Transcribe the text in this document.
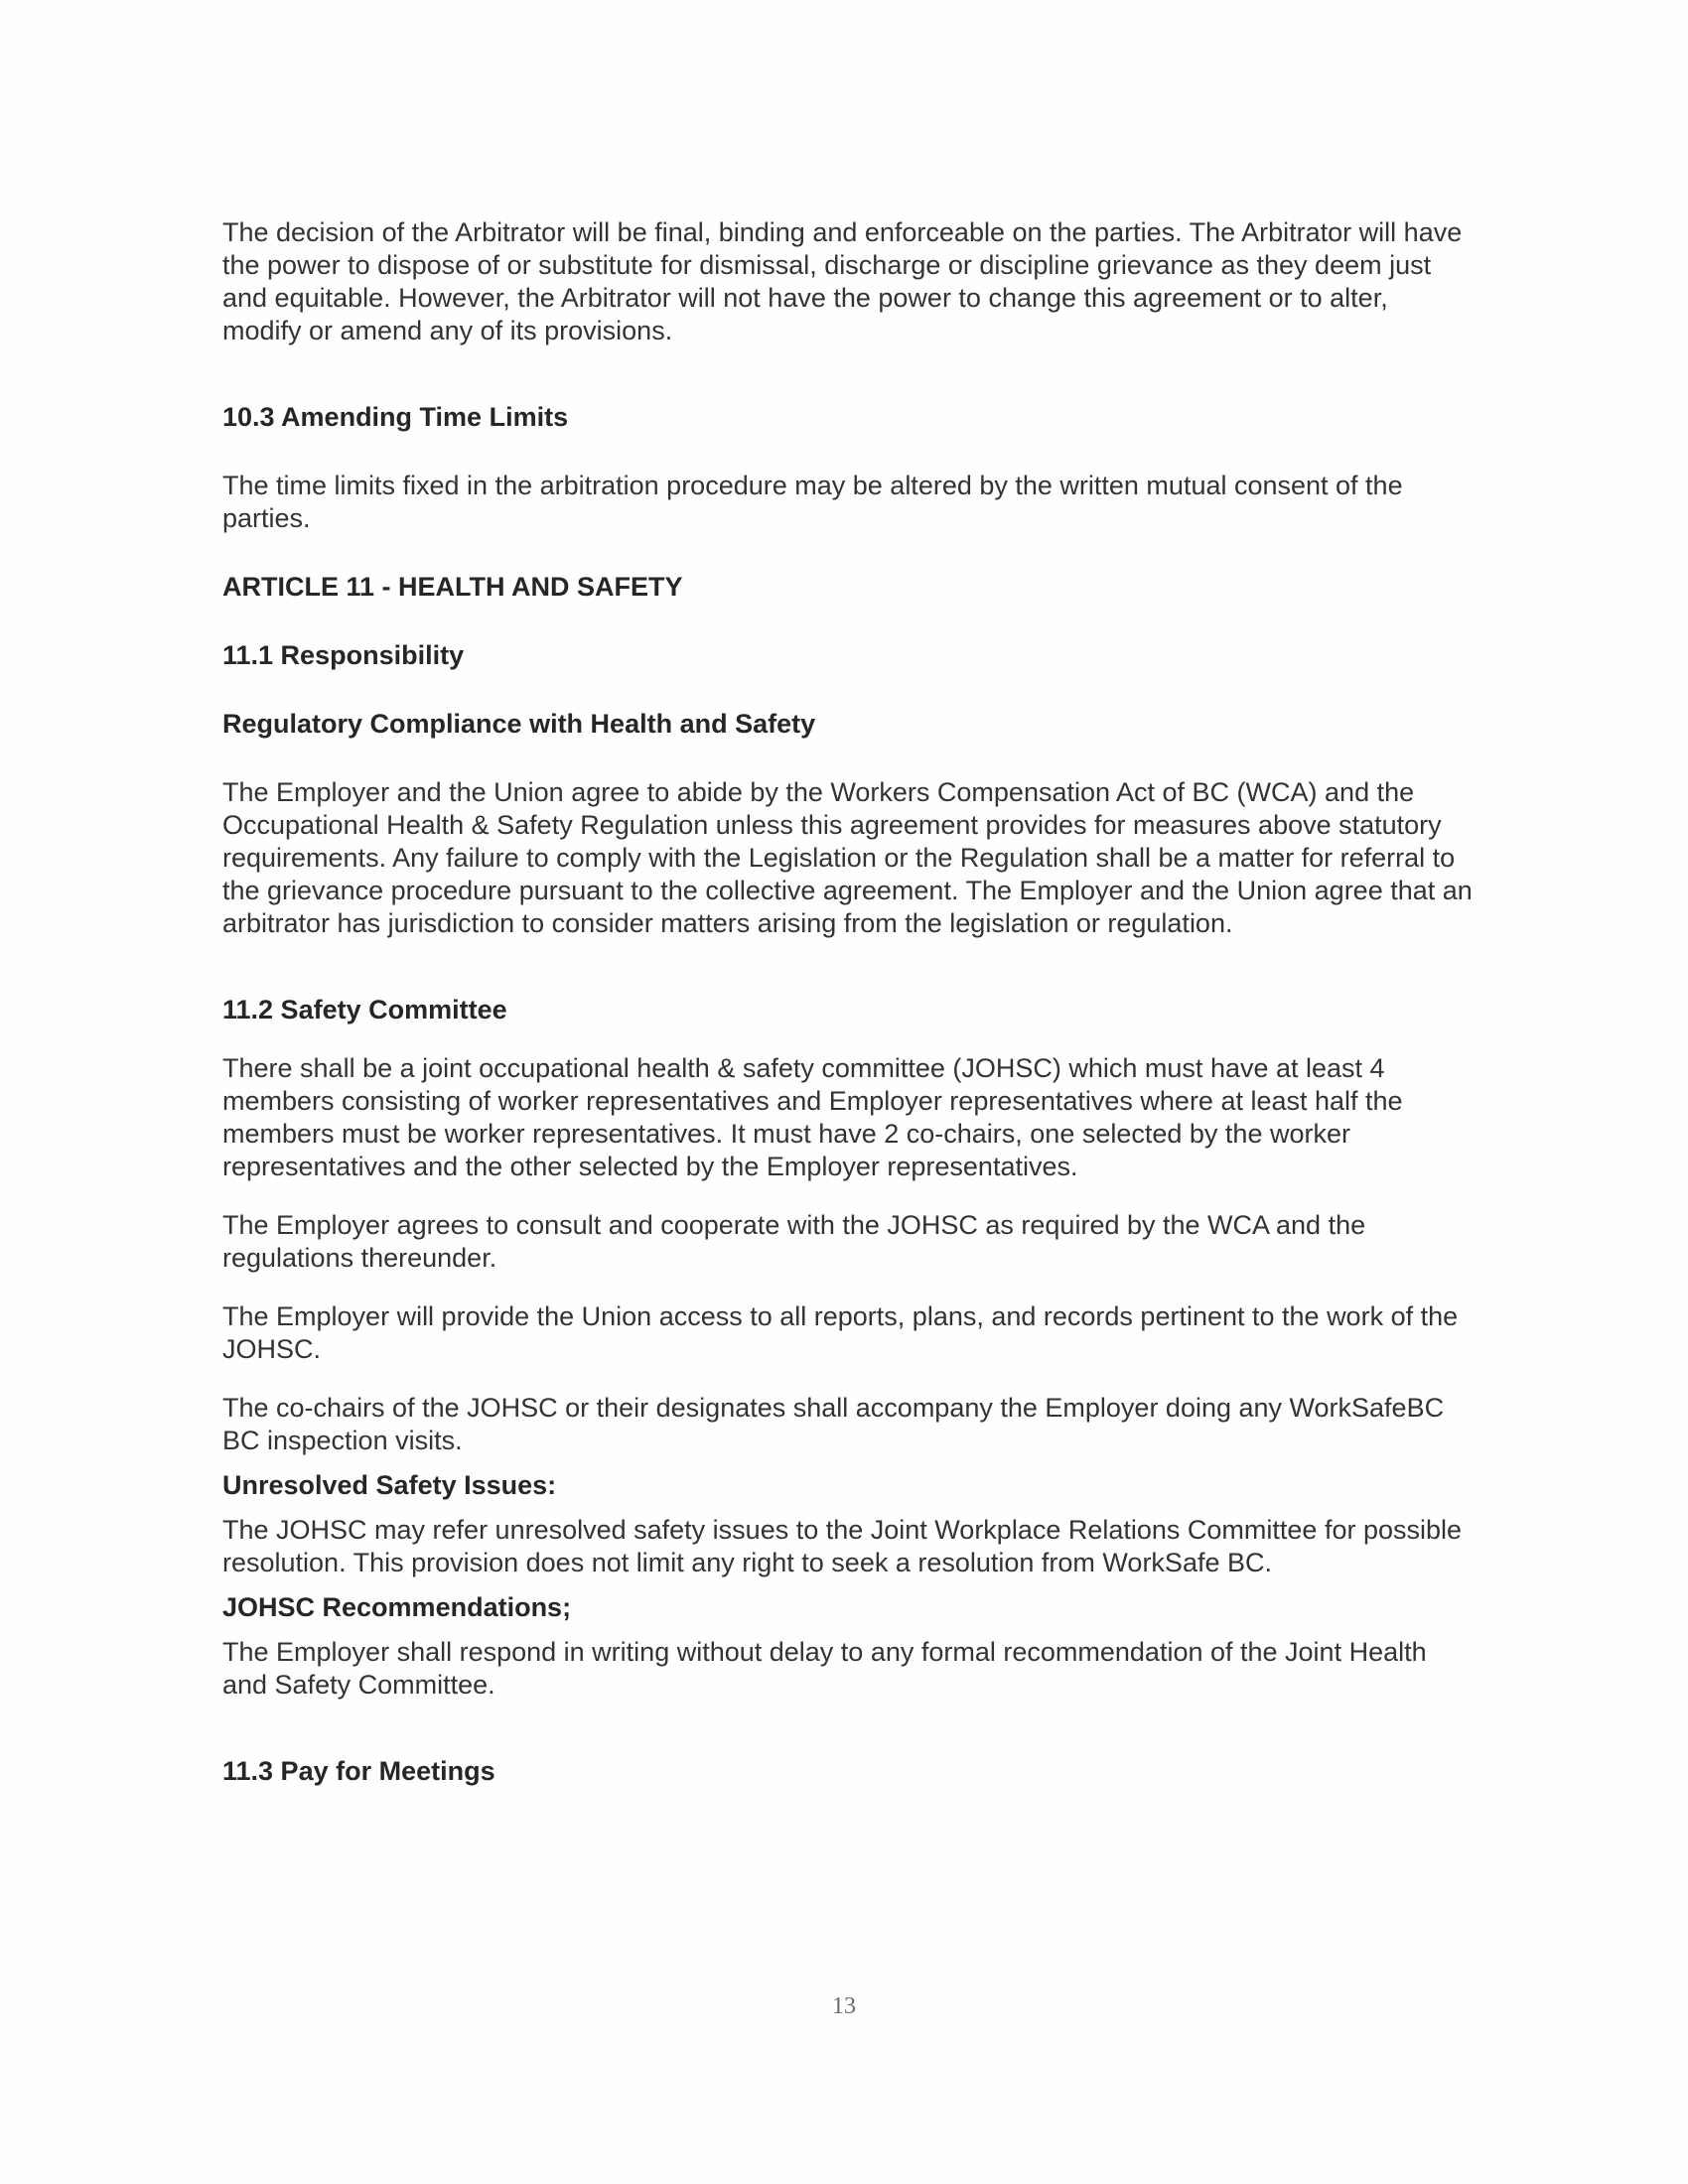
The decision of the Arbitrator will be final, binding and enforceable on the parties. The Arbitrator will have the power to dispose of or substitute for dismissal, discharge or discipline grievance as they deem just and equitable. However, the Arbitrator will not have the power to change this agreement or to alter, modify or amend any of its provisions.

10.3 Amending Time Limits

The time limits fixed in the arbitration procedure may be altered by the written mutual consent of the parties.

ARTICLE 11 - HEALTH AND SAFETY
11.1 Responsibility
Regulatory Compliance with Health and Safety

The Employer and the Union agree to abide by the Workers Compensation Act of BC (WCA) and the Occupational Health & Safety Regulation unless this agreement provides for measures above statutory requirements. Any failure to comply with the Legislation or the Regulation shall be a matter for referral to the grievance procedure pursuant to the collective agreement. The Employer and the Union agree that an arbitrator has jurisdiction to consider matters arising from the legislation or regulation.

11.2 Safety Committee

There shall be a joint occupational health & safety committee (JOHSC) which must have at least 4 members consisting of worker representatives and Employer representatives where at least half the members must be worker representatives. It must have 2 co-chairs, one selected by the worker representatives and the other selected by the Employer representatives.

The Employer agrees to consult and cooperate with the JOHSC as required by the WCA and the regulations thereunder.

The Employer will provide the Union access to all reports, plans, and records pertinent to the work of the JOHSC.

The co-chairs of the JOHSC or their designates shall accompany the Employer doing any WorkSafeBC BC inspection visits.

Unresolved Safety Issues:

The JOHSC may refer unresolved safety issues to the Joint Workplace Relations Committee for possible resolution. This provision does not limit any right to seek a resolution from WorkSafe BC.

JOHSC Recommendations;

The Employer shall respond in writing without delay to any formal recommendation of the Joint Health and Safety Committee.

11.3 Pay for Meetings
13
